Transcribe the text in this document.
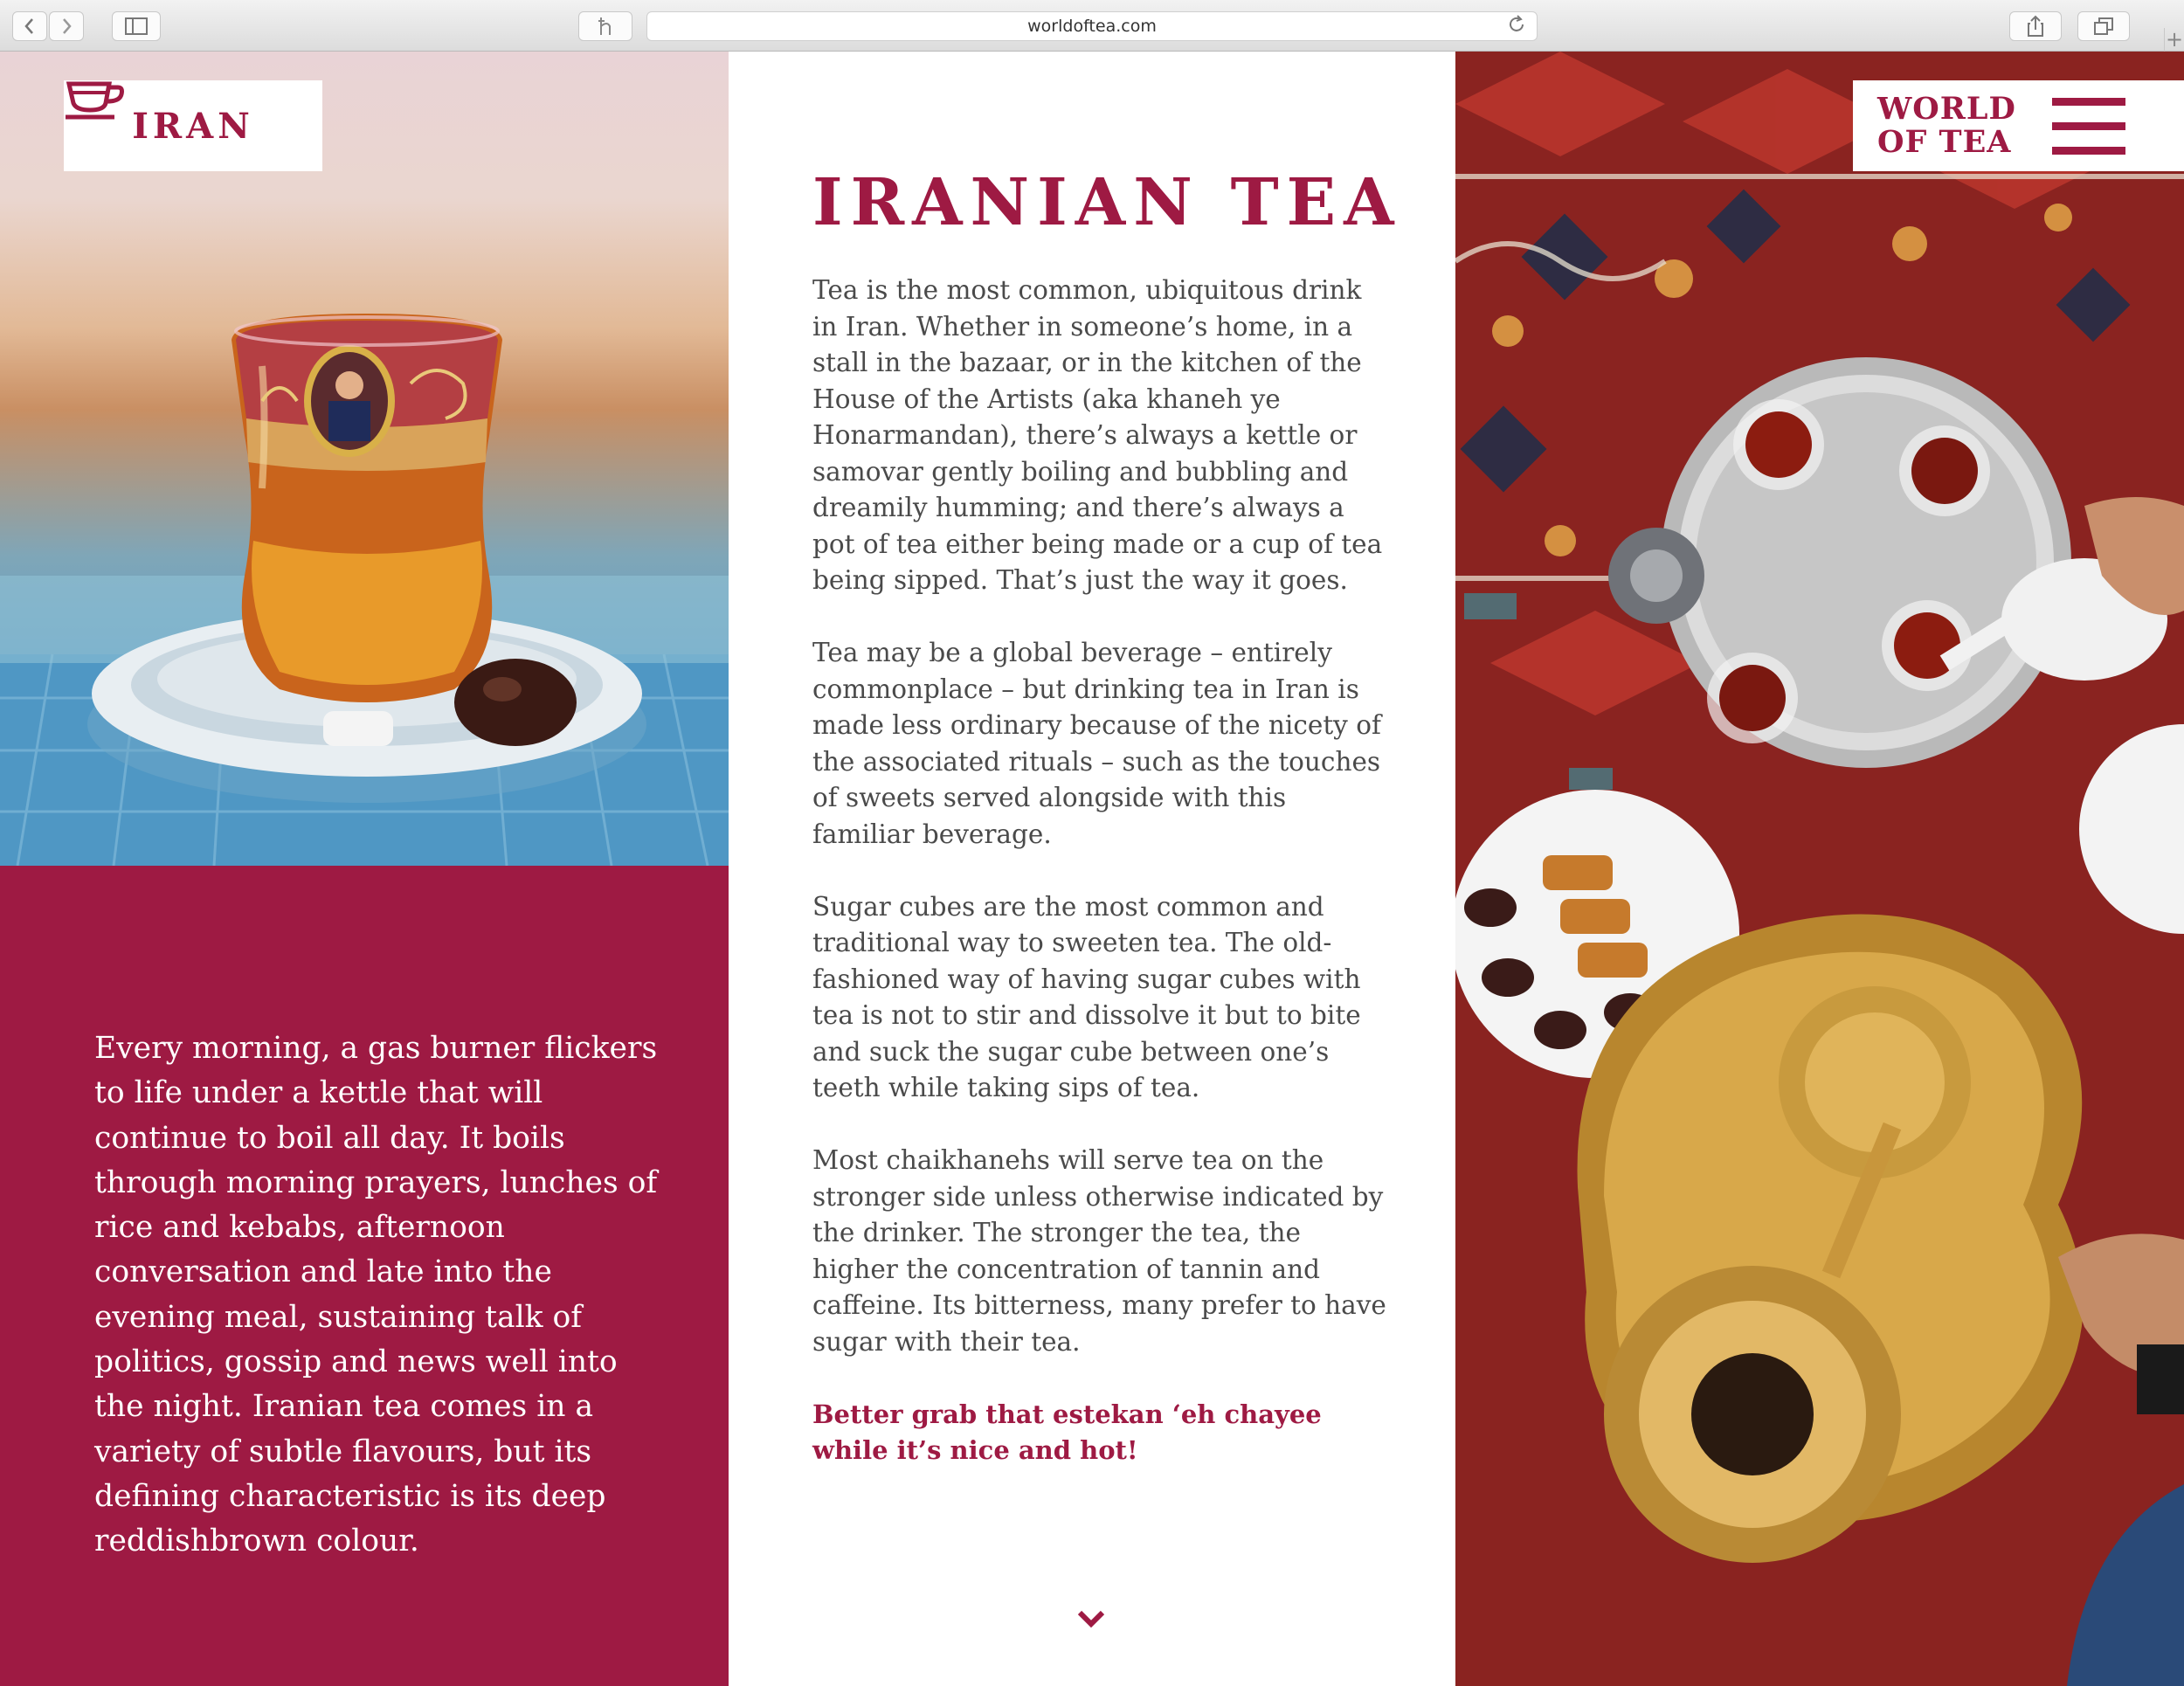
worldoftea.com
+
IRAN

Every morning, a gas burner flickers to life under a kettle that will continue to boil all day. It boils through morning prayers, lunches of rice and kebabs, afternoon conversation and late into the evening meal, sustaining talk of politics, gossip and news well into the night. Iranian tea comes in a variety of subtle flavours, but its defining characteristic is its deep reddishbrown colour.

IRANIAN TEA

Tea is the most common, ubiquitous drink in Iran. Whether in someone’s home, in a stall in the bazaar, or in the kitchen of the House of the Artists (aka khaneh ye Honarmandan), there’s always a kettle or samovar gently boiling and bubbling and dreamily humming; and there’s always a pot of tea either being made or a cup of tea being sipped. That’s just the way it goes.

Tea may be a global beverage – entirely commonplace – but drinking tea in Iran is made less ordinary because of the nicety of the associated rituals – such as the touches of sweets served alongside with this familiar beverage.

Sugar cubes are the most common and traditional way to sweeten tea. The old-fashioned way of having sugar cubes with tea is not to stir and dissolve it but to bite and suck the sugar cube between one’s teeth while taking sips of tea.

Most chaikhanehs will serve tea on the stronger side unless otherwise indicated by the drinker. The stronger the tea, the higher the concentration of tannin and caffeine. Its bitterness, many prefer to have sugar with their tea.

Better grab that estekan ‘eh chayee while it’s nice and hot!

WORLD
OF TEA
